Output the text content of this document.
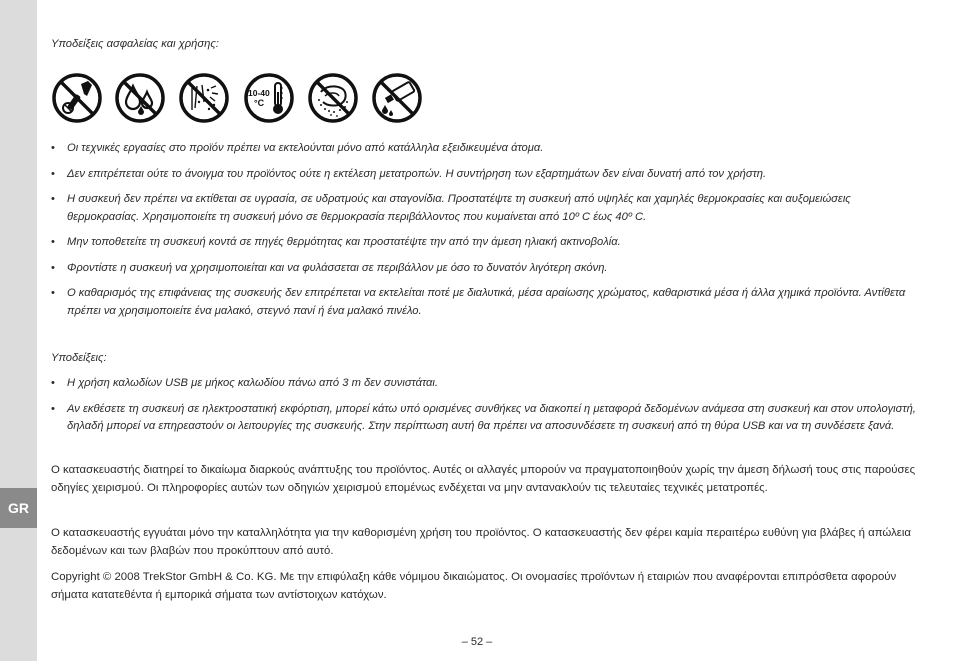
GR
Υποδείξεις ασφαλείας και χρήσης:
10-40
°C
• Οι τεχνικές εργασίες στο προϊόν πρέπει να εκτελούνται μόνο από κατάλληλα εξειδικευμένα άτομα.
• Δεν επιτρέπεται ούτε το άνοιγμα του προϊόντος ούτε η εκτέλεση μετατροπών. Η συντήρηση των εξαρτημάτων δεν είναι δυνατή από τον χρήστη.
• Η συσκευή δεν πρέπει να εκτίθεται σε υγρασία, σε υδρατμούς και σταγονίδια. Προστατέψτε τη συσκευή από υψηλές και χαμηλές θερμοκρασίες και αυξομειώσεις θερμοκρασίας. Χρησιμοποιείτε τη συσκευή μόνο σε θερμοκρασία περιβάλλοντος που κυμαίνεται από 10º C έως 40º C.
• Μην τοποθετείτε τη συσκευή κοντά σε πηγές θερμότητας και προστατέψτε την από την άμεση ηλιακή ακτινοβολία.
• Φροντίστε η συσκευή να χρησιμοποιείται και να φυλάσσεται σε περιβάλλον με όσο το δυνατόν λιγότερη σκόνη.
• Ο καθαρισμός της επιφάνειας της συσκευής δεν επιτρέπεται να εκτελείται ποτέ με διαλυτικά, μέσα αραίωσης χρώματος, καθαριστικά μέσα ή άλλα χημικά προϊόντα. Αντίθετα πρέπει να χρησιμοποιείτε ένα μαλακό, στεγνό πανί ή ένα μαλακό πινέλο.
Υποδείξεις:
• Η χρήση καλωδίων USB με μήκος καλωδίου πάνω από 3 m δεν συνιστάται.
• Αν εκθέσετε τη συσκευή σε ηλεκτροστατική εκφόρτιση, μπορεί κάτω υπό ορισμένες συνθήκες να διακοπεί η μεταφορά δεδομένων ανάμεσα στη συσκευή και στον υπολογιστή, δηλαδή μπορεί να επηρεαστούν οι λειτουργίες της συσκευής. Στην περίπτωση αυτή θα πρέπει να αποσυνδέσετε τη συσκευή από τη θύρα USB και να τη συνδέσετε ξανά.

Ο κατασκευαστής διατηρεί το δικαίωμα διαρκούς ανάπτυξης του προϊόντος. Αυτές οι αλλαγές μπορούν να πραγματοποιηθούν χωρίς την άμεση δήλωσή τους στις παρούσες οδηγίες χειρισμού. Οι πληροφορίες αυτών των οδηγιών χειρισμού επομένως ενδέχεται να μην αντανακλούν τις τελευταίες τεχνικές μετατροπές.

Ο κατασκευαστής εγγυάται μόνο την καταλληλότητα για την καθορισμένη χρήση του προϊόντος. Ο κατασκευαστής δεν φέρει καμία περαιτέρω ευθύνη για βλάβες ή απώλεια δεδομένων και των βλαβών που προκύπτουν από αυτό.

Copyright © 2008 TrekStor GmbH & Co. KG. Με την επιφύλαξη κάθε νόμιμου δικαιώματος. Οι ονομασίες προϊόντων ή εταιριών που αναφέρονται επιπρόσθετα αφορούν σήματα κατατεθέντα ή εμπορικά σήματα των αντίστοιχων κατόχων.

– 52 –
